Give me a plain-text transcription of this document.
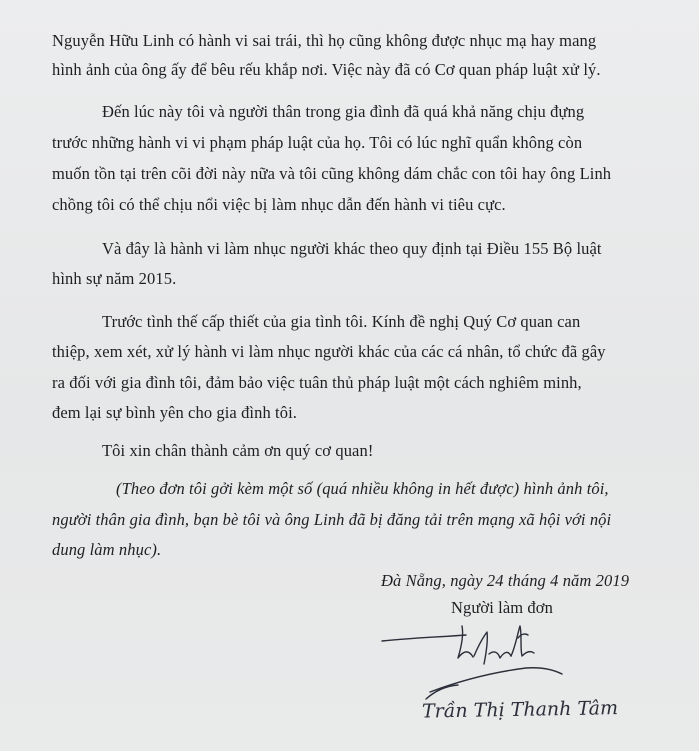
Nguyễn Hữu Linh có hành vi sai trái, thì họ cũng không được nhục mạ hay mang
hình ảnh của ông ấy để bêu rếu khắp nơi. Việc này đã có Cơ quan pháp luật xử lý.
Đến lúc này tôi và người thân trong gia đình đã quá khả năng chịu đựng
trước những hành vi vi phạm pháp luật của họ. Tôi có lúc nghĩ quẩn không còn
muốn tồn tại trên cõi đời này nữa và tôi cũng không dám chắc con tôi hay ông Linh
chồng tôi có thể chịu nổi việc bị làm nhục dẫn đến hành vi tiêu cực.
Và đây là hành vi làm nhục người khác theo quy định tại Điều 155 Bộ luật
hình sự năm 2015.
Trước tình thế cấp thiết của gia tình tôi. Kính đề nghị Quý Cơ quan can
thiệp, xem xét, xử lý hành vi làm nhục người khác của các cá nhân, tổ chức đã gây
ra đối với gia đình tôi, đảm bảo việc tuân thủ pháp luật một cách nghiêm minh,
đem lại sự bình yên cho gia đình tôi.
Tôi xin chân thành cảm ơn quý cơ quan!
(Theo đơn tôi gởi kèm một số (quá nhiều không in hết được) hình ảnh tôi,
người thân gia đình, bạn bè tôi và ông Linh đã bị đăng tải trên mạng xã hội với nội
dung làm nhục).
Đà Nẵng, ngày 24 tháng 4 năm 2019
Người làm đơn
Trần Thị Thanh Tâm
